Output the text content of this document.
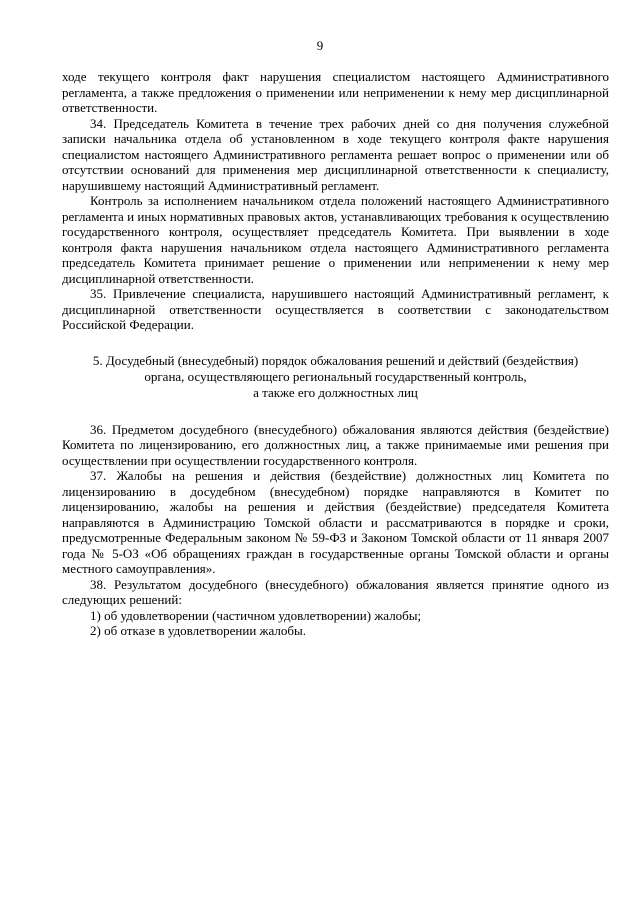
9

ходе текущего контроля факт нарушения специалистом настоящего Административного регламента, а также предложения о применении или неприменении к нему мер дисциплинарной ответственности.

34. Председатель Комитета в течение трех рабочих дней со дня получения служебной записки начальника отдела об установленном в ходе текущего контроля факте нарушения специалистом настоящего Административного регламента решает вопрос о применении или об отсутствии оснований для применения мер дисциплинарной ответственности к специалисту, нарушившему настоящий Административный регламент.

Контроль за исполнением начальником отдела положений настоящего Административного регламента и иных нормативных правовых актов, устанавливающих требования к осуществлению государственного контроля, осуществляет председатель Комитета. При выявлении в ходе контроля факта нарушения начальником отдела настоящего Административного регламента председатель Комитета принимает решение о применении или неприменении к нему мер дисциплинарной ответственности.

35. Привлечение специалиста, нарушившего настоящий Административный регламент, к дисциплинарной ответственности осуществляется в соответствии с законодательством Российской Федерации.

5. Досудебный (внесудебный) порядок обжалования решений и действий (бездействия)
органа, осуществляющего региональный государственный контроль,
а также его должностных лиц

36. Предметом досудебного (внесудебного) обжалования являются действия (бездействие) Комитета по лицензированию, его должностных лиц, а также принимаемые ими решения при осуществлении при осуществлении государственного контроля.

37. Жалобы на решения и действия (бездействие) должностных лиц Комитета по лицензированию в досудебном (внесудебном) порядке направляются в Комитет по лицензированию, жалобы на решения и действия (бездействие) председателя Комитета направляются в Администрацию Томской области и рассматриваются в порядке и сроки, предусмотренные Федеральным законом № 59-ФЗ и Законом Томской области от 11 января 2007 года № 5-ОЗ «Об обращениях граждан в государственные органы Томской области и органы местного самоуправления».

38. Результатом досудебного (внесудебного) обжалования является принятие одного из следующих решений:

1) об удовлетворении (частичном удовлетворении) жалобы;

2) об отказе в удовлетворении жалобы.
